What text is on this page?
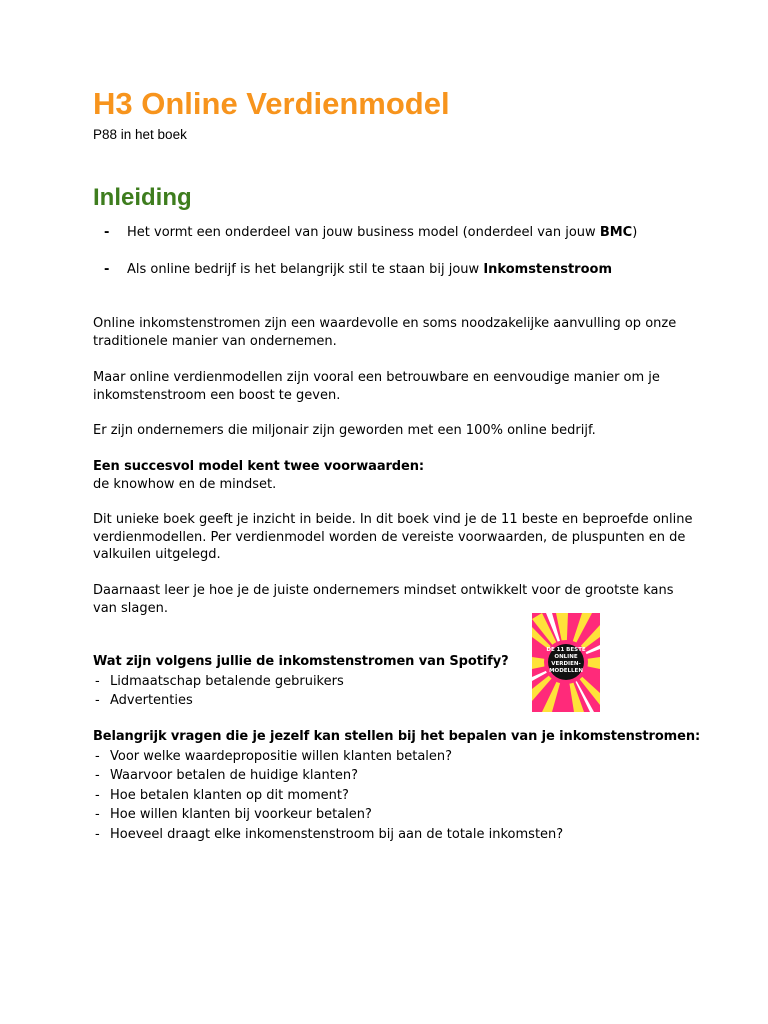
H3 Online Verdienmodel
P88 in het boek
Inleiding
- Het vormt een onderdeel van jouw business model (onderdeel van jouw BMC)
- Als online bedrijf is het belangrijk stil te staan bij jouw Inkomstenstroom
Online inkomstenstromen zijn een waardevolle en soms noodzakelijke aanvulling op onze
traditionele manier van ondernemen.
Maar online verdienmodellen zijn vooral een betrouwbare en eenvoudige manier om je
inkomstenstroom een boost te geven.
Er zijn ondernemers die miljonair zijn geworden met een 100% online bedrijf.
Een succesvol model kent twee voorwaarden:
de knowhow en de mindset.
Dit unieke boek geeft je inzicht in beide. In dit boek vind je de 11 beste en beproefde online
verdienmodellen. Per verdienmodel worden de vereiste voorwaarden, de pluspunten en de
valkuilen uitgelegd.
Daarnaast leer je hoe je de juiste ondernemers mindset ontwikkelt voor de grootste kans
van slagen.
Wat zijn volgens jullie de inkomstenstromen van Spotify?
- Lidmaatschap betalende gebruikers
- Advertenties
Belangrijk vragen die je jezelf kan stellen bij het bepalen van je inkomstenstromen:
- Voor welke waardepropositie willen klanten betalen?
- Waarvoor betalen de huidige klanten?
- Hoe betalen klanten op dit moment?
- Hoe willen klanten bij voorkeur betalen?
- Hoeveel draagt elke inkomenstenstroom bij aan de totale inkomsten?
DE 11 BESTE
ONLINE
VERDIEN-
MODELLEN
